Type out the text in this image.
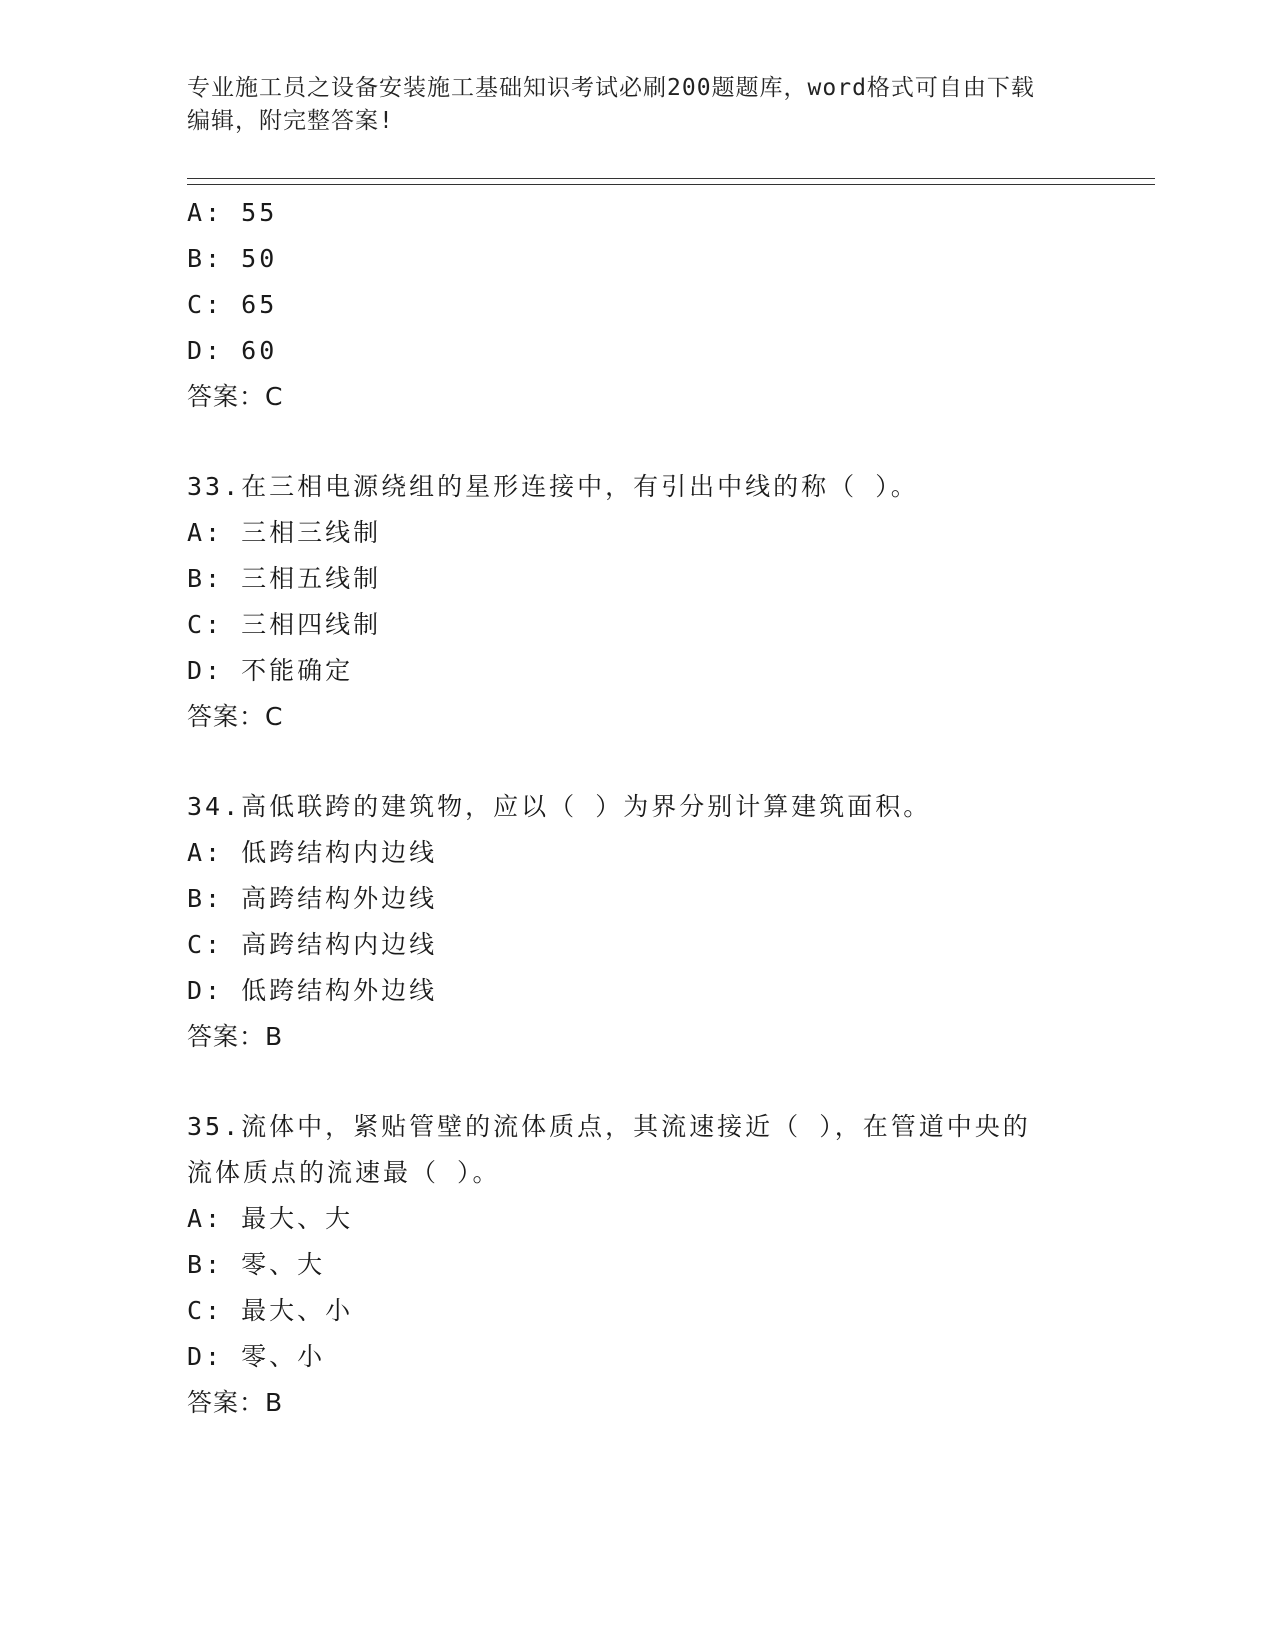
专业施工员之设备安装施工基础知识考试必刷200题题库，word格式可自由下载
编辑，附完整答案!
A: 55
B: 50
C: 65
D: 60
答案：C
33.在三相电源绕组的星形连接中，有引出中线的称（ ）。
A: 三相三线制
B: 三相五线制
C: 三相四线制
D: 不能确定
答案：C
34.高低联跨的建筑物，应以（ ）为界分别计算建筑面积。
A: 低跨结构内边线
B: 高跨结构外边线
C: 高跨结构内边线
D: 低跨结构外边线
答案：B
35.流体中，紧贴管壁的流体质点，其流速接近（ ），在管道中央的
流体质点的流速最（ ）。
A: 最大、大
B: 零、大
C: 最大、小
D: 零、小
答案：B
